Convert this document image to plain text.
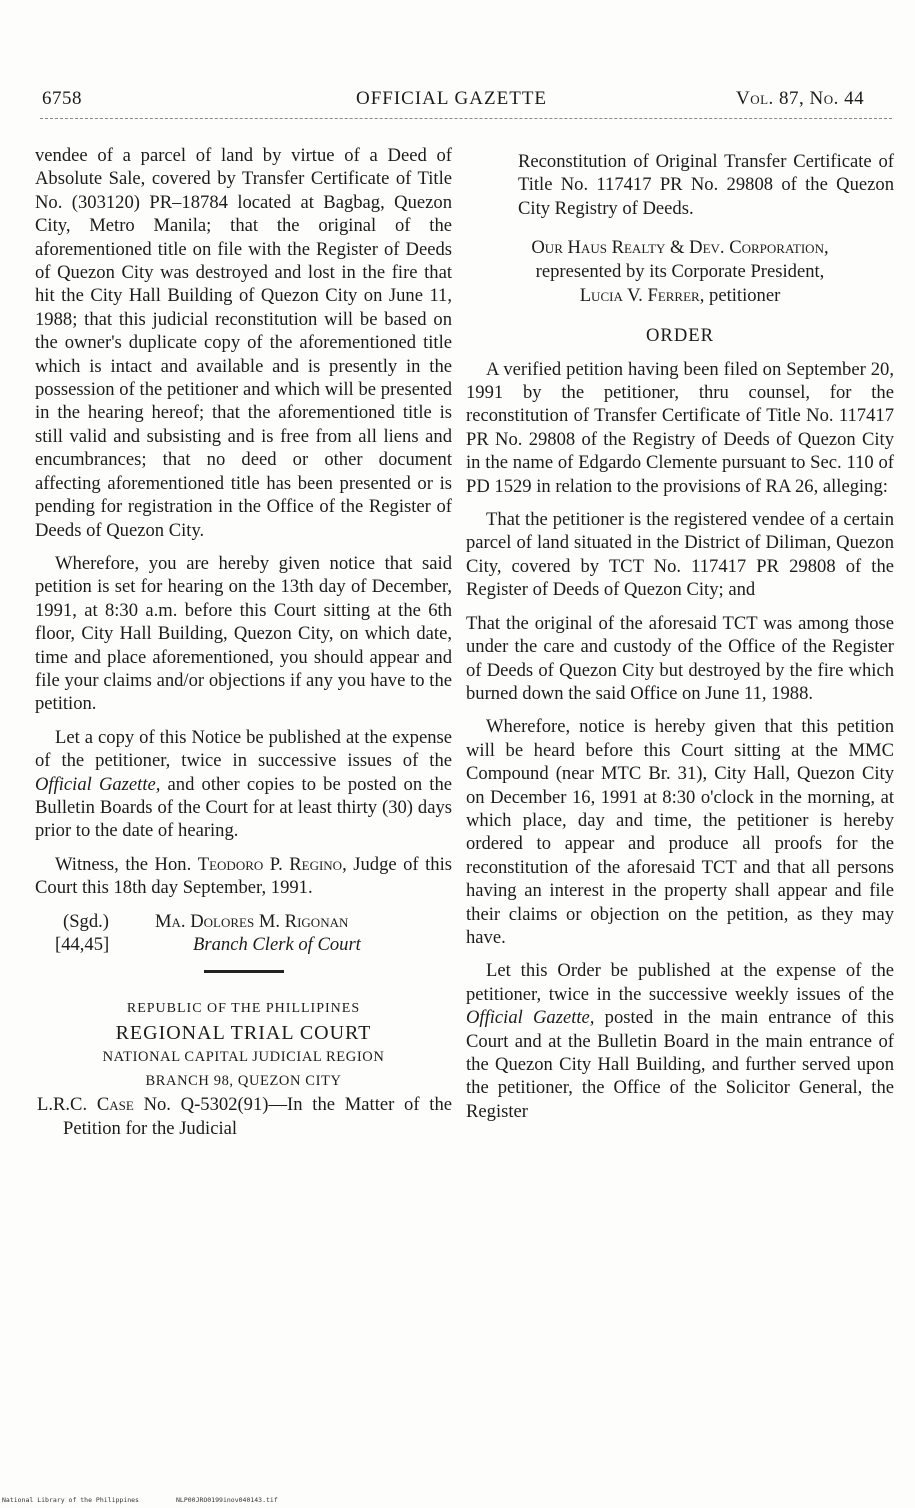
6758	OFFICIAL GAZETTE	Vol. 87, No. 44

vendee of a parcel of land by virtue of a Deed of Absolute Sale, covered by Transfer Certificate of Title No. (303120) PR–18784 located at Bagbag, Quezon City, Metro Manila; that the original of the aforementioned title on file with the Register of Deeds of Quezon City was destroyed and lost in the fire that hit the City Hall Building of Quezon City on June 11, 1988; that this judicial reconstitution will be based on the owner's duplicate copy of the aforementioned title which is intact and available and is presently in the possession of the petitioner and which will be presented in the hearing hereof; that the aforementioned title is still valid and subsisting and is free from all liens and encumbrances; that no deed or other document affecting aforementioned title has been presented or is pending for registration in the Office of the Register of Deeds of Quezon City.

Wherefore, you are hereby given notice that said petition is set for hearing on the 13th day of December, 1991, at 8:30 a.m. before this Court sitting at the 6th floor, City Hall Building, Quezon City, on which date, time and place aforementioned, you should appear and file your claims and/or objections if any you have to the petition.

Let a copy of this Notice be published at the expense of the petitioner, twice in successive issues of the Official Gazette, and other copies to be posted on the Bulletin Boards of the Court for at least thirty (30) days prior to the date of hearing.

Witness, the Hon. Teodoro P. Regino, Judge of this Court this 18th day September, 1991.

(Sgd.)	Ma. Dolores M. Rigonan
[44,45]	Branch Clerk of Court
REPUBLIC OF THE PHILLIPINES
REGIONAL TRIAL COURT
NATIONAL CAPITAL JUDICIAL REGION
BRANCH 98, QUEZON CITY

L.R.C. Case No. Q-5302(91)—In the Matter of the Petition for the Judicial

Reconstitution of Original Transfer Certificate of Title No. 117417 PR No. 29808 of the Quezon City Registry of Deeds.

Our Haus Realty & Dev. Corporation,
represented by its Corporate President,
Lucia V. Ferrer, petitioner
ORDER

A verified petition having been filed on September 20, 1991 by the petitioner, thru counsel, for the reconstitution of Transfer Certificate of Title No. 117417 PR No. 29808 of the Registry of Deeds of Quezon City in the name of Edgardo Clemente pursuant to Sec. 110 of PD 1529 in relation to the provisions of RA 26, alleging:

That the petitioner is the registered vendee of a certain parcel of land situated in the District of Diliman, Quezon City, covered by TCT No. 117417 PR 29808 of the Register of Deeds of Quezon City; and

That the original of the aforesaid TCT was among those under the care and custody of the Office of the Register of Deeds of Quezon City but destroyed by the fire which burned down the said Office on June 11, 1988.

Wherefore, notice is hereby given that this petition will be heard before this Court sitting at the MMC Compound (near MTC Br. 31), City Hall, Quezon City on December 16, 1991 at 8:30 o'clock in the morning, at which place, day and time, the petitioner is hereby ordered to appear and produce all proofs for the reconstitution of the aforesaid TCT and that all persons having an interest in the property shall appear and file their claims or objection on the petition, as they may have.

Let this Order be published at the expense of the petitioner, twice in the successive weekly issues of the Official Gazette, posted in the main entrance of this Court and at the Bulletin Board in the main entrance of the Quezon City Hall Building, and further served upon the petitioner, the Office of the Solicitor General, the Register

National Library of the Philippines	NLP00JRO0199inov040143.tif
